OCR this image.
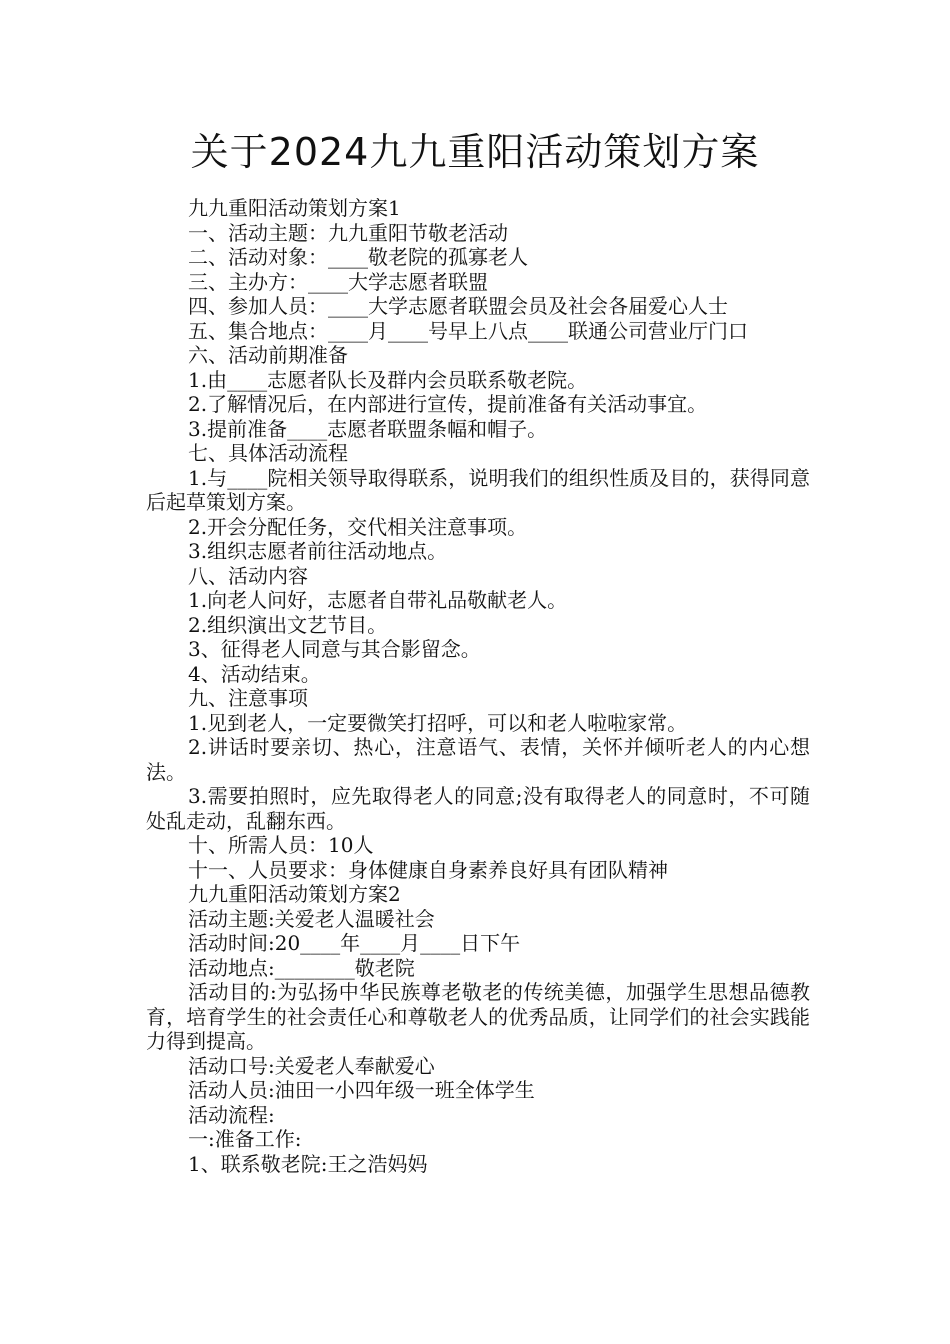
关于2024九九重阳活动策划方案

九九重阳活动策划方案1

一、活动主题：九九重阳节敬老活动

二、活动对象：____敬老院的孤寡老人

三、主办方：____大学志愿者联盟

四、参加人员：____大学志愿者联盟会员及社会各届爱心人士

五、集合地点：____月____号早上八点____联通公司营业厅门口

六、活动前期准备

1.由____志愿者队长及群内会员联系敬老院。

2.了解情况后，在内部进行宣传，提前准备有关活动事宜。

3.提前准备____志愿者联盟条幅和帽子。

七、具体活动流程

1.与____院相关领导取得联系，说明我们的组织性质及目的，获得同意后起草策划方案。

2.开会分配任务，交代相关注意事项。

3.组织志愿者前往活动地点。

八、活动内容

1.向老人问好，志愿者自带礼品敬献老人。

2.组织演出文艺节目。

3、征得老人同意与其合影留念。

4、活动结束。

九、注意事项

1.见到老人，一定要微笑打招呼，可以和老人啦啦家常。

2.讲话时要亲切、热心，注意语气、表情，关怀并倾听老人的内心想法。

3.需要拍照时，应先取得老人的同意;没有取得老人的同意时，不可随处乱走动，乱翻东西。

十、所需人员：10人

十一、人员要求：身体健康自身素养良好具有团队精神

九九重阳活动策划方案2

活动主题:关爱老人温暖社会

活动时间:20____年____月____日下午

活动地点:________敬老院

活动目的:为弘扬中华民族尊老敬老的传统美德，加强学生思想品德教育，培育学生的社会责任心和尊敬老人的优秀品质，让同学们的社会实践能力得到提高。

活动口号:关爱老人奉献爱心

活动人员:油田一小四年级一班全体学生

活动流程:

一:准备工作:

1、联系敬老院:王之浩妈妈
